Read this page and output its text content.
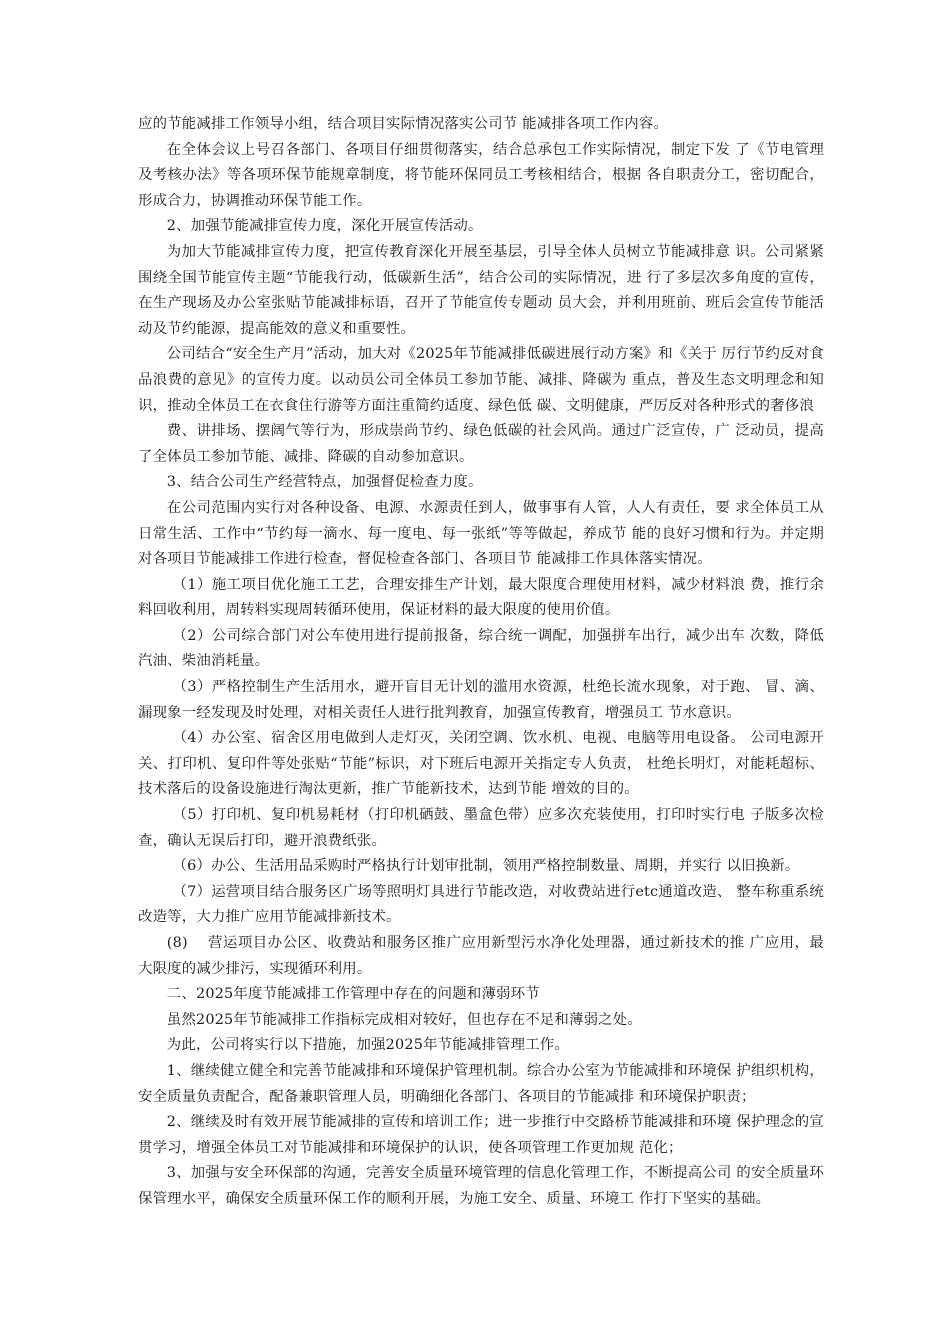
应的节能减排工作领导小组，结合项目实际情况落实公司节 能减排各项工作内容。

在全体会议上号召各部门、各项目仔细贯彻落实，结合总承包工作实际情况，制定下发 了《节电管理及考核办法》等各项环保节能规章制度，将节能环保同员工考核相结合，根据 各自职责分工，密切配合，形成合力，协调推动环保节能工作。

2、加强节能减排宣传力度，深化开展宣传活动。

为加大节能减排宣传力度，把宣传教育深化开展至基层，引导全体人员树立节能减排意 识。公司紧紧围绕全国节能宣传主题“节能我行动，低碳新生活”，结合公司的实际情况，进 行了多层次多角度的宣传，在生产现场及办公室张贴节能减排标语，召开了节能宣传专题动 员大会，并利用班前、班后会宣传节能活动及节约能源，提高能效的意义和重要性。

公司结合“安全生产月”活动，加大对《2025年节能减排低碳进展行动方案》和《关于 厉行节约反对食品浪费的意见》的宣传力度。以动员公司全体员工参加节能、减排、降碳为 重点，普及生态文明理念和知识，推动全体员工在衣食住行游等方面注重简约适度、绿色低 碳、文明健康，严厉反对各种形式的奢侈浪

费、讲排场、摆阔气等行为，形成崇尚节约、绿色低碳的社会风尚。通过广泛宣传，广 泛动员，提高了全体员工参加节能、减排、降碳的自动参加意识。

3、结合公司生产经营特点，加强督促检查力度。

在公司范围内实行对各种设备、电源、水源责任到人，做事事有人管，人人有责任，要 求全体员工从日常生活、工作中“节约每一滴水、每一度电、每一张纸”等等做起，养成节 能的良好习惯和行为。并定期对各项目节能减排工作进行检查，督促检查各部门、各项目节 能减排工作具体落实情况。

（1）施工项目优化施工工艺，合理安排生产计划，最大限度合理使用材料，减少材料浪 费，推行余料回收利用，周转料实现周转循环使用，保证材料的最大限度的使用价值。

（2）公司综合部门对公车使用进行提前报备，综合统一调配，加强拼车出行，减少出车 次数，降低汽油、柴油消耗量。

（3）严格控制生产生活用水，避开盲目无计划的滥用水资源，杜绝长流水现象，对于跑、 冒、滴、漏现象一经发现及时处理，对相关责任人进行批判教育，加强宣传教育，增强员工 节水意识。

（4）办公室、宿舍区用电做到人走灯灭，关闭空调、饮水机、电视、电脑等用电设备。 公司电源开关、打印机、复印件等处张贴“节能”标识，对下班后电源开关指定专人负责， 杜绝长明灯，对能耗超标、技术落后的设备设施进行淘汰更新，推广节能新技术，达到节能 增效的目的。

（5）打印机、复印机易耗材（打印机硒鼓、墨盒色带）应多次充装使用，打印时实行电 子版多次检查，确认无误后打印，避开浪费纸张。

（6）办公、生活用品采购时严格执行计划审批制，领用严格控制数量、周期，并实行 以旧换新。

（7）运营项目结合服务区广场等照明灯具进行节能改造，对收费站进行etc通道改造、 整车称重系统改造等，大力推广应用节能减排新技术。

(8)　 营运项目办公区、收费站和服务区推广应用新型污水净化处理器，通过新技术的推 广应用，最大限度的减少排污，实现循环利用。

二、2025年度节能减排工作管理中存在的问题和薄弱环节

虽然2025年节能减排工作指标完成相对较好，但也存在不足和薄弱之处。

为此，公司将实行以下措施，加强2025年节能减排管理工作。

1、继续健立健全和完善节能减排和环境保护管理机制。综合办公室为节能减排和环境保 护组织机构，安全质量负责配合，配备兼职管理人员，明确细化各部门、各项目的节能减排 和环境保护职责；

2、继续及时有效开展节能减排的宣传和培训工作；进一步推行中交路桥节能减排和环境 保护理念的宣贯学习，增强全体员工对节能减排和环境保护的认识，使各项管理工作更加规 范化；

3、加强与安全环保部的沟通，完善安全质量环境管理的信息化管理工作，不断提高公司 的安全质量环保管理水平，确保安全质量环保工作的顺利开展，为施工安全、质量、环境工 作打下坚实的基础。
